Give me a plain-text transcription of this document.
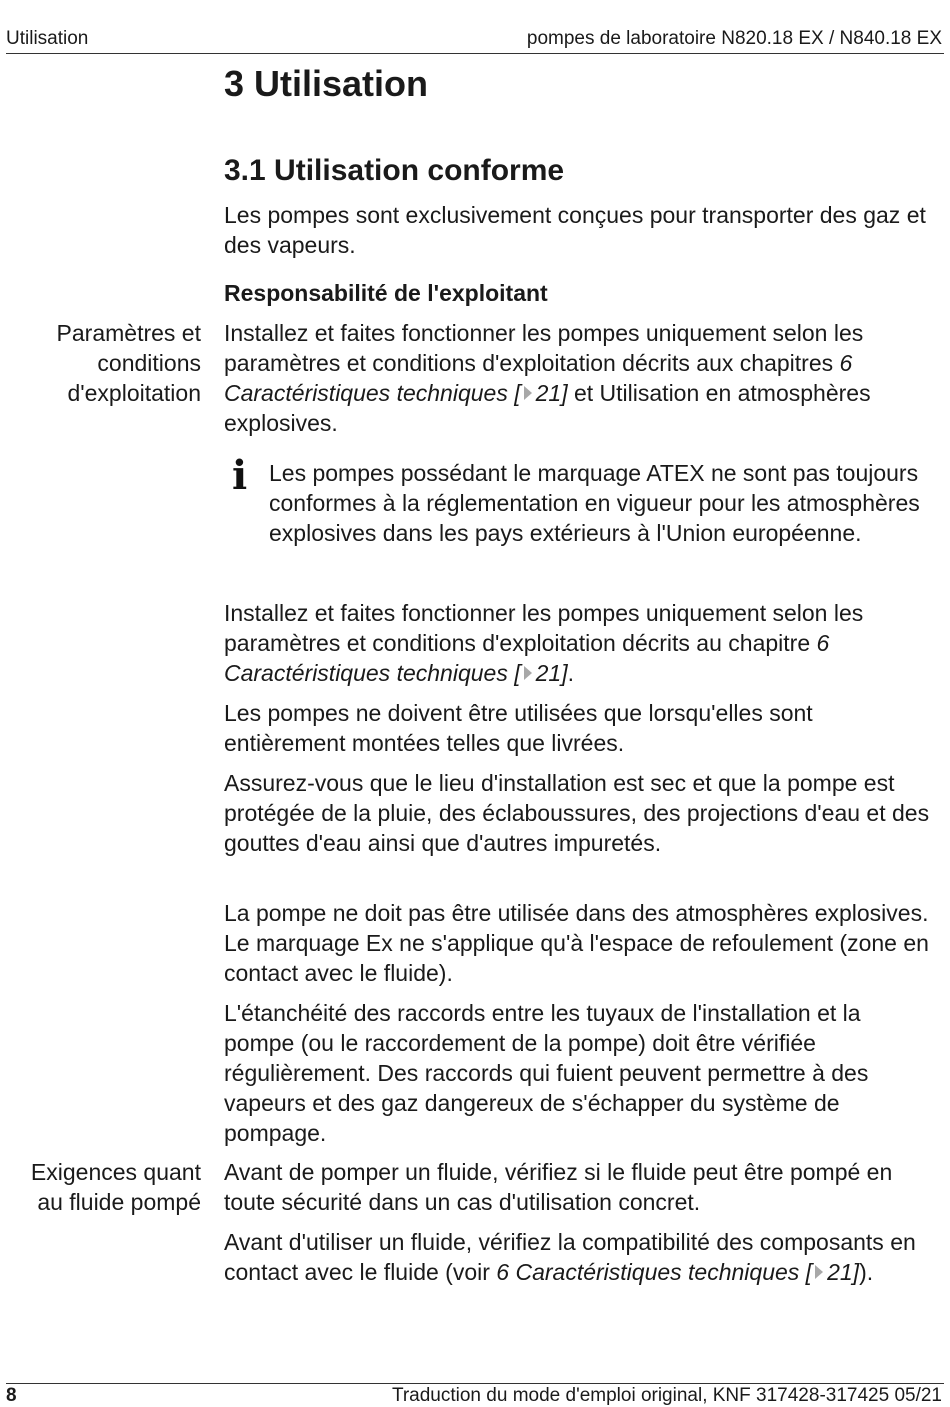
Utilisation	pompes de laboratoire N820.18 EX / N840.18 EX
3 Utilisation
3.1 Utilisation conforme

Les pompes sont exclusivement conçues pour transporter des gaz et des vapeurs.

Responsabilité de l'exploitant

Paramètres et conditions d'exploitation

Installez et faites fonctionner les pompes uniquement selon les paramètres et conditions d'exploitation décrits aux chapitres 6 Caractéristiques techniques [ 21] et Utilisation en atmosphères explosives.

i Les pompes possédant le marquage ATEX ne sont pas toujours conformes à la réglementation en vigueur pour les atmosphères explosives dans les pays extérieurs à l'Union européenne.

Installez et faites fonctionner les pompes uniquement selon les paramètres et conditions d'exploitation décrits au chapitre 6 Caractéristiques techniques [ 21].

Les pompes ne doivent être utilisées que lorsqu'elles sont entièrement montées telles que livrées.

Assurez-vous que le lieu d'installation est sec et que la pompe est protégée de la pluie, des éclaboussures, des projections d'eau et des gouttes d'eau ainsi que d'autres impuretés.

La pompe ne doit pas être utilisée dans des atmosphères explosives. Le marquage Ex ne s'applique qu'à l'espace de refoulement (zone en contact avec le fluide).

L'étanchéité des raccords entre les tuyaux de l'installation et la pompe (ou le raccordement de la pompe) doit être vérifiée régulièrement. Des raccords qui fuient peuvent permettre à des vapeurs et des gaz dangereux de s'échapper du système de pompage.

Exigences quant au fluide pompé

Avant de pomper un fluide, vérifiez si le fluide peut être pompé en toute sécurité dans un cas d'utilisation concret.

Avant d'utiliser un fluide, vérifiez la compatibilité des composants en contact avec le fluide (voir 6 Caractéristiques techniques [ 21]).

8	Traduction du mode d'emploi original, KNF 317428-317425 05/21
